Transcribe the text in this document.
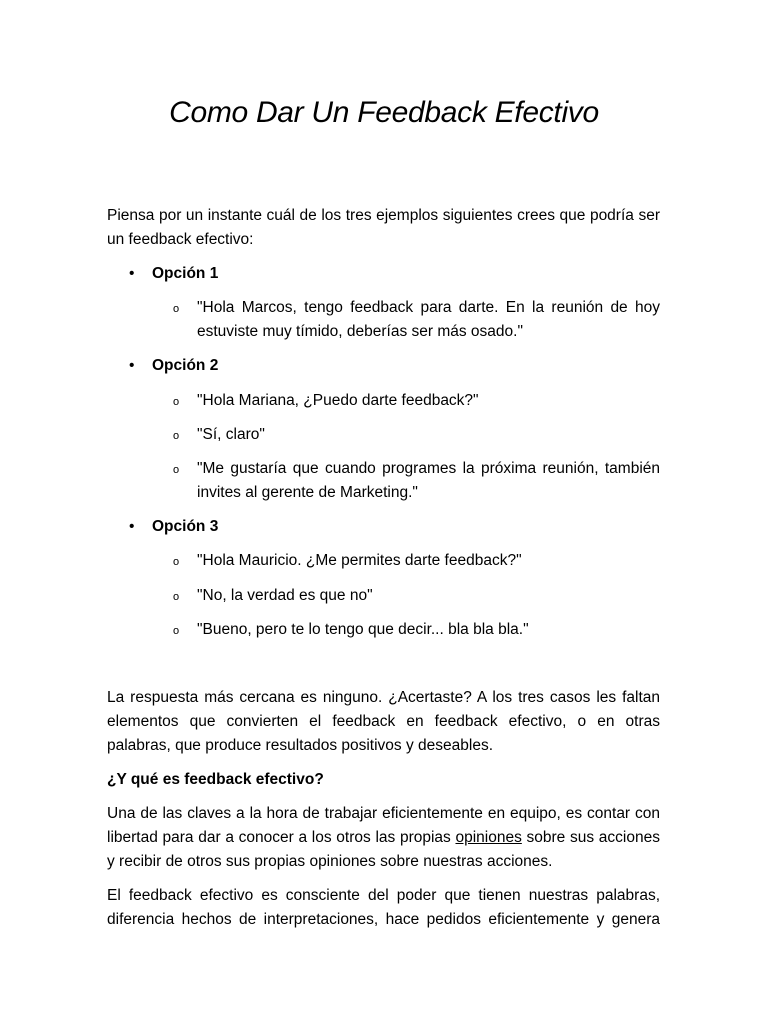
Como Dar Un Feedback Efectivo
Piensa por un instante cuál de los tres ejemplos siguientes crees que podría ser un feedback efectivo:
• Opción 1
o "Hola Marcos, tengo feedback para darte. En la reunión de hoy estuviste muy tímido, deberías ser más osado."
• Opción 2
o "Hola Mariana, ¿Puedo darte feedback?"
o "Sí, claro"
o "Me gustaría que cuando programes la próxima reunión, también invites al gerente de Marketing."
• Opción 3
o "Hola Mauricio. ¿Me permites darte feedback?"
o "No, la verdad es que no"
o "Bueno, pero te lo tengo que decir... bla bla bla."
La respuesta más cercana es ninguno. ¿Acertaste? A los tres casos les faltan elementos que convierten el feedback en feedback efectivo, o en otras palabras, que produce resultados positivos y deseables.
¿Y qué es feedback efectivo?
Una de las claves a la hora de trabajar eficientemente en equipo, es contar con libertad para dar a conocer a los otros las propias opiniones sobre sus acciones y recibir de otros sus propias opiniones sobre nuestras acciones.
El feedback efectivo es consciente del poder que tienen nuestras palabras, diferencia hechos de interpretaciones, hace pedidos eficientemente y genera
